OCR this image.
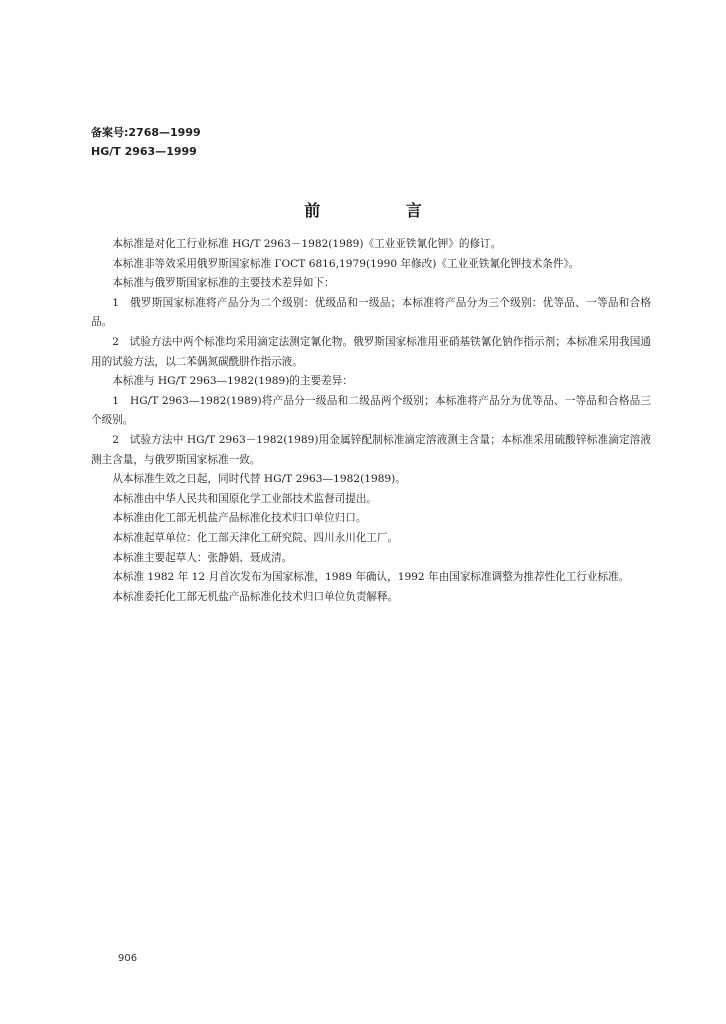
备案号:2768—1999
HG/T 2963—1999
前 言

本标准是对化工行业标准 HG/T 2963－1982(1989)《工业亚铁氰化钾》的修订。

本标准非等效采用俄罗斯国家标准 ГОСТ 6816,1979(1990 年修改)《工业亚铁氰化钾技术条件》。

本标准与俄罗斯国家标准的主要技术差异如下：

1　俄罗斯国家标准将产品分为二个级别：优级品和一级品；本标准将产品分为三个级别：优等品、一等品和合格品。

2　试验方法中两个标准均采用滴定法测定氰化物。俄罗斯国家标准用亚硝基铁氰化钠作指示剂；本标准采用我国通用的试验方法，以二苯偶氮碳酰肼作指示液。

本标准与 HG/T 2963—1982(1989)的主要差异：

1　HG/T 2963—1982(1989)将产品分一级品和二级品两个级别；本标准将产品分为优等品、一等品和合格品三个级别。

2　试验方法中 HG/T 2963－1982(1989)用金属锌配制标准滴定溶液测主含量；本标准采用硫酸锌标准滴定溶液测主含量，与俄罗斯国家标准一致。

从本标准生效之日起，同时代替 HG/T 2963—1982(1989)。

本标准由中华人民共和国原化学工业部技术监督司提出。

本标准由化工部无机盐产品标准化技术归口单位归口。

本标准起草单位：化工部天津化工研究院、四川永川化工厂。

本标准主要起草人：张静娟、聂成清。

本标准 1982 年 12 月首次发布为国家标准，1989 年确认，1992 年由国家标准调整为推荐性化工行业标准。

本标准委托化工部无机盐产品标准化技术归口单位负责解释。

906
